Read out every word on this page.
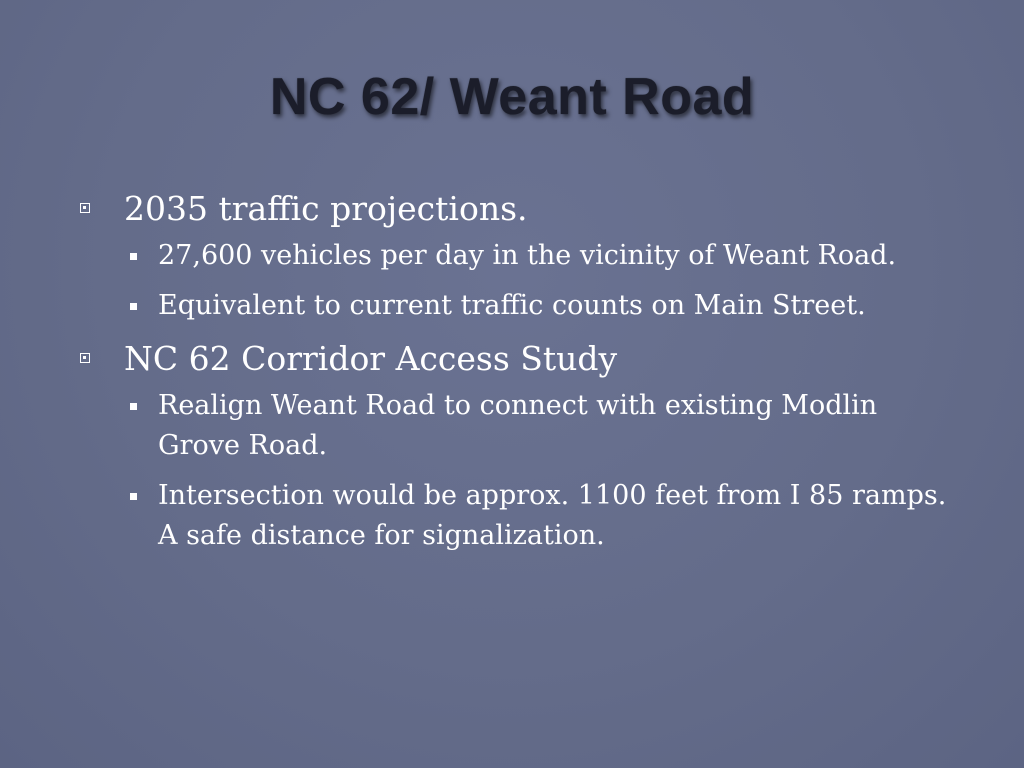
NC 62/ Weant Road
2035 traffic projections.
27,600 vehicles per day in the vicinity of Weant Road.
Equivalent to current traffic counts on Main Street.
NC 62 Corridor Access Study
Realign Weant Road to connect with existing Modlin Grove Road.
Intersection would be approx. 1100 feet from I 85 ramps. A safe distance for signalization.
